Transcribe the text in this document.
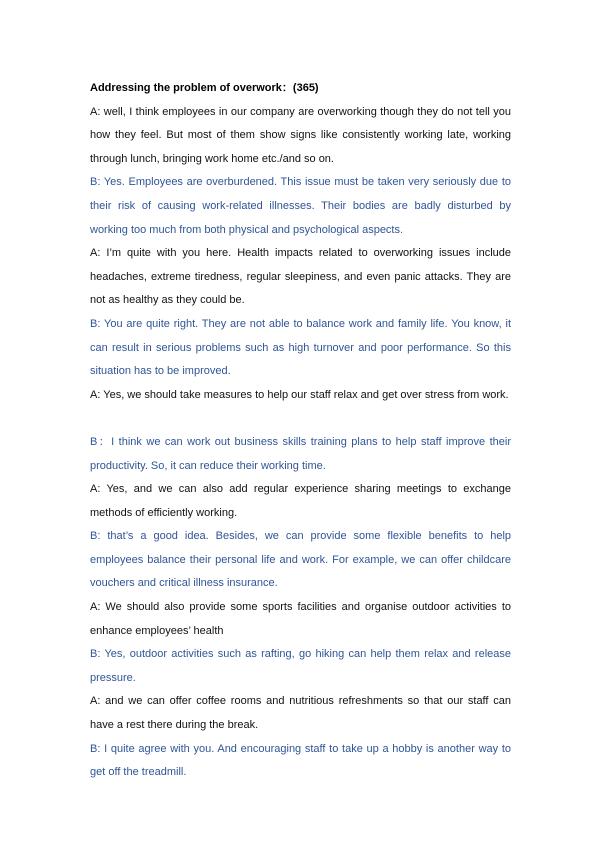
Addressing the problem of overwork：(365)

A: well, I think employees in our company are overworking though they do not tell you how they feel. But most of them show signs like consistently working late, working through lunch, bringing work home etc./and so on.

B: Yes. Employees are overburdened. This issue must be taken very seriously due to their risk of causing work-related illnesses. Their bodies are badly disturbed by working too much from both physical and psychological aspects.

A: I’m quite with you here. Health impacts related to overworking issues include headaches, extreme tiredness, regular sleepiness, and even panic attacks. They are not as healthy as they could be.

B: You are quite right. They are not able to balance work and family life. You know, it can result in serious problems such as high turnover and poor performance. So this situation has to be improved.

A: Yes, we should take measures to help our staff relax and get over stress from work.

B：I think we can work out business skills training plans to help staff improve their productivity. So, it can reduce their working time.

A: Yes, and we can also add regular experience sharing meetings to exchange methods of efficiently working.

B: that’s a good idea. Besides, we can provide some flexible benefits to help employees balance their personal life and work. For example, we can offer childcare vouchers and critical illness insurance.

A: We should also provide some sports facilities and organise outdoor activities to enhance employees’ health

B: Yes, outdoor activities such as rafting, go hiking can help them relax and release pressure.

A: and we can offer coffee rooms and nutritious refreshments so that our staff can have a rest there during the break.

B: I quite agree with you. And encouraging staff to take up a hobby is another way to get off the treadmill.
